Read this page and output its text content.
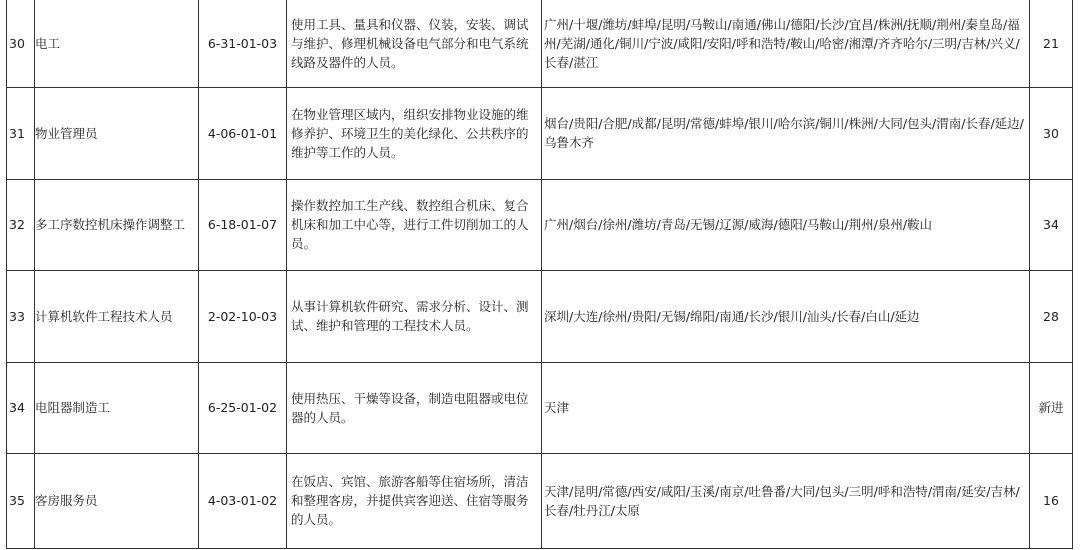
30	电工	6-31-01-03	使用工具、量具和仪器、仪装，安装、调试与维护、修理机械设备电气部分和电气系统线路及器件的人员。	广州/十堰/潍坊/蚌埠/昆明/马鞍山/南通/佛山/德阳/长沙/宜昌/株洲/抚顺/荆州/秦皇岛/福州/芜湖/通化/铜川/宁波/咸阳/安阳/呼和浩特/鞍山/哈密/湘潭/齐齐哈尔/三明/吉林/兴义/长春/湛江	21
31	物业管理员	4-06-01-01	在物业管理区域内，组织安排物业设施的维修养护、环境卫生的美化绿化、公共秩序的维护等工作的人员。	烟台/贵阳/合肥/成都/昆明/常德/蚌埠/银川/哈尔滨/铜川/株洲/大同/包头/渭南/长春/延边/乌鲁木齐	30
32	多工序数控机床操作调整工	6-18-01-07	操作数控加工生产线、数控组合机床、复合机床和加工中心等，进行工件切削加工的人员。	广州/烟台/徐州/潍坊/青岛/无锡/辽源/威海/德阳/马鞍山/荆州/泉州/鞍山	34
33	计算机软件工程技术人员	2-02-10-03	从事计算机软件研究、需求分析、设计、测试、维护和管理的工程技术人员。	深圳/大连/徐州/贵阳/无锡/绵阳/南通/长沙/银川/汕头/长春/白山/延边	28
34	电阻器制造工	6-25-01-02	使用热压、干燥等设备，制造电阻器或电位器的人员。	天津	新进
35	客房服务员	4-03-01-02	在饭店、宾馆、旅游客船等住宿场所，清洁和整理客房，并提供宾客迎送、住宿等服务的人员。	天津/昆明/常德/西安/咸阳/玉溪/南京/吐鲁番/大同/包头/三明/呼和浩特/渭南/延安/吉林/长春/牡丹江/太原	16
